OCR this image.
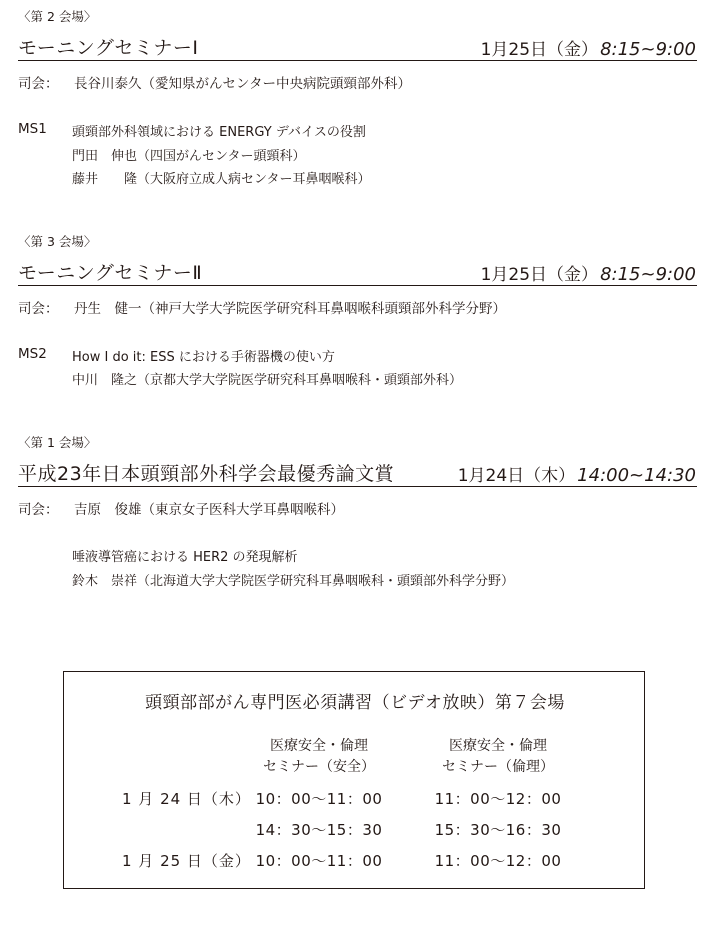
〈第 2 会場〉
モーニングセミナーⅠ	1月25日（金） 8:15~9:00
司会： 長谷川泰久（愛知県がんセンター中央病院頭頸部外科）
MS1 頭頸部外科領域における ENERGY デバイスの役割
門田　伸也（四国がんセンター頭頸科）
藤井　　隆（大阪府立成人病センター耳鼻咽喉科）
〈第 3 会場〉
モーニングセミナーⅡ	1月25日（金） 8:15~9:00
司会： 丹生　健一（神戸大学大学院医学研究科耳鼻咽喉科頭頸部外科学分野）
MS2 How I do it: ESS における手術器機の使い方
中川　隆之（京都大学大学院医学研究科耳鼻咽喉科・頭頸部外科）
〈第 1 会場〉
平成23年日本頭頸部外科学会最優秀論文賞	1月24日（木） 14:00~14:30
司会： 吉原　俊雄（東京女子医科大学耳鼻咽喉科）
唾液導管癌における HER2 の発現解析
鈴木　崇祥（北海道大学大学院医学研究科耳鼻咽喉科・頭頸部外科学分野）
頭頸部部がん専門医必須講習（ビデオ放映）第７会場
医療安全・倫理
セミナー（安全）
医療安全・倫理
セミナー（倫理）
1 月 24 日（木） 10：00〜11：00	11：00〜12：00
14：30〜15：30	15：30〜16：30
1 月 25 日（金） 10：00〜11：00	11：00〜12：00
